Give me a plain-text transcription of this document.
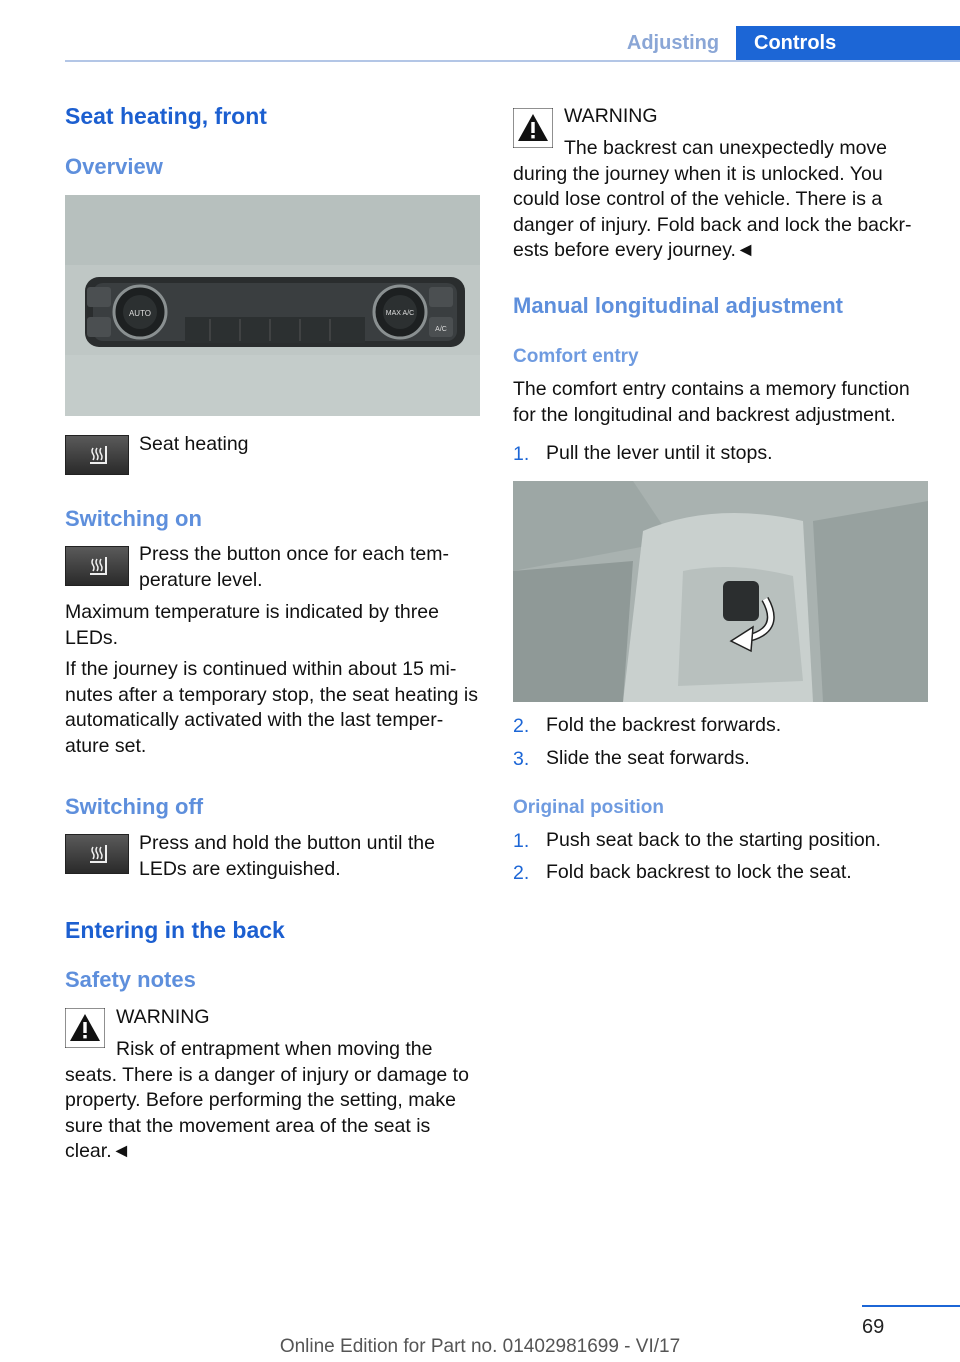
Adjusting	Controls
Seat heating, front
Overview
AUTO	MAX A/C
A/C

Seat heating

Switching on

Press the button once for each temperature level.

Maximum temperature is indicated by three LEDs.

If the journey is continued within about 15 minutes after a temporary stop, the seat heating is automatically activated with the last temperature set.

Switching off

Press and hold the button until the LEDs are extinguished.

Entering in the back
Safety notes

WARNING

Risk of entrapment when moving the seats. There is a danger of injury or damage to property. Before performing the setting, make sure that the movement area of the seat is clear.◄

WARNING

The backrest can unexpectedly move during the journey when it is unlocked. You could lose control of the vehicle. There is a danger of injury. Fold back and lock the backrests before every journey.◄

Manual longitudinal adjustment
Comfort entry

The comfort entry contains a memory function for the longitudinal and backrest adjustment.

1. Pull the lever until it stops.

2. Fold the backrest forwards.

3. Slide the seat forwards.

Original position
1. Push seat back to the starting position.

2. Fold back backrest to lock the seat.

69
Online Edition for Part no. 01402981699 - VI/17
